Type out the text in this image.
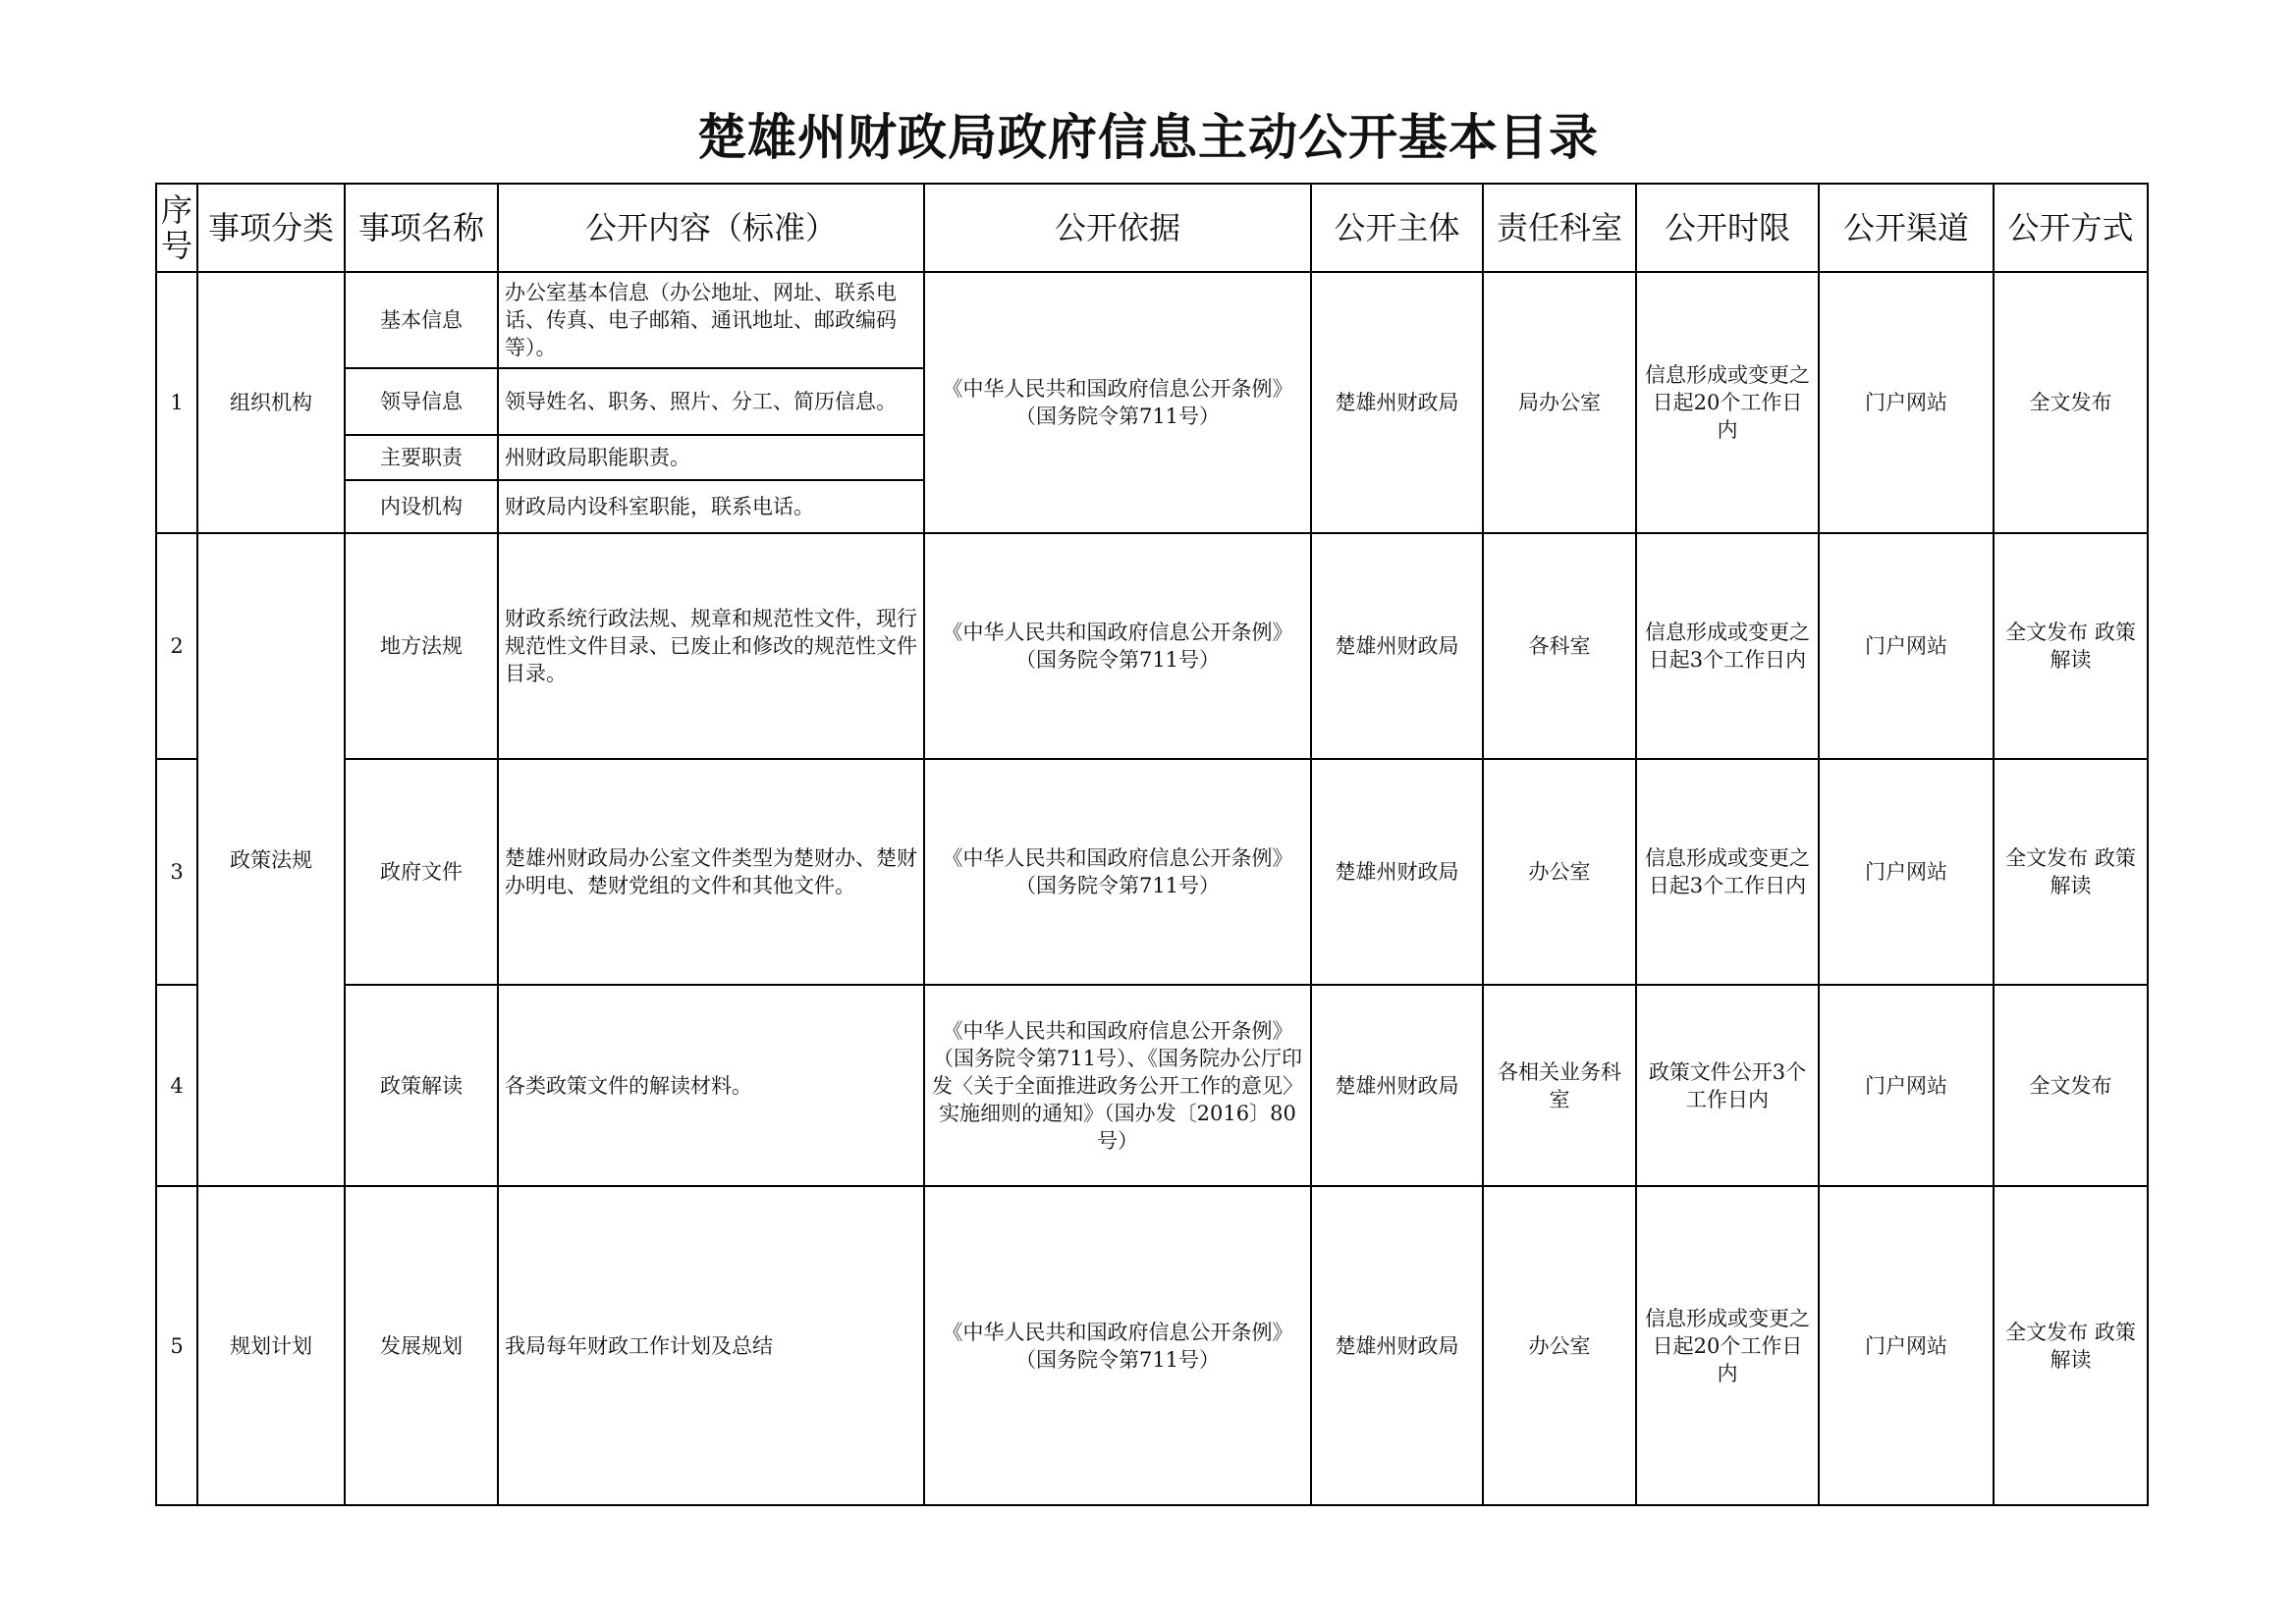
楚雄州财政局政府信息主动公开基本目录
序号	事项分类	事项名称	公开内容（标准）	公开依据	公开主体	责任科室	公开时限	公开渠道	公开方式
1	组织机构	基本信息	办公室基本信息（办公地址、网址、联系电话、传真、电子邮箱、通讯地址、邮政编码等）。	《中华人民共和国政府信息公开条例》（国务院令第711号）	楚雄州财政局	局办公室	信息形成或变更之日起20个工作日内	门户网站	全文发布
		领导信息	领导姓名、职务、照片、分工、简历信息。						
		主要职责	州财政局职能职责。						
		内设机构	财政局内设科室职能，联系电话。						
2	政策法规	地方法规	财政系统行政法规、规章和规范性文件，现行规范性文件目录、已废止和修改的规范性文件目录。	《中华人民共和国政府信息公开条例》（国务院令第711号）	楚雄州财政局	各科室	信息形成或变更之日起3个工作日内	门户网站	全文发布 政策解读
3		政府文件	楚雄州财政局办公室文件类型为楚财办、楚财办明电、楚财党组的文件和其他文件。	《中华人民共和国政府信息公开条例》（国务院令第711号）	楚雄州财政局	办公室	信息形成或变更之日起3个工作日内	门户网站	全文发布 政策解读
4		政策解读	各类政策文件的解读材料。	《中华人民共和国政府信息公开条例》（国务院令第711号）、《国务院办公厅印发〈关于全面推进政务公开工作的意见〉实施细则的通知》（国办发〔2016〕80号）	楚雄州财政局	各相关业务科室	政策文件公开3个工作日内	门户网站	全文发布
5	规划计划	发展规划	我局每年财政工作计划及总结	《中华人民共和国政府信息公开条例》（国务院令第711号）	楚雄州财政局	办公室	信息形成或变更之日起20个工作日内	门户网站	全文发布 政策解读
